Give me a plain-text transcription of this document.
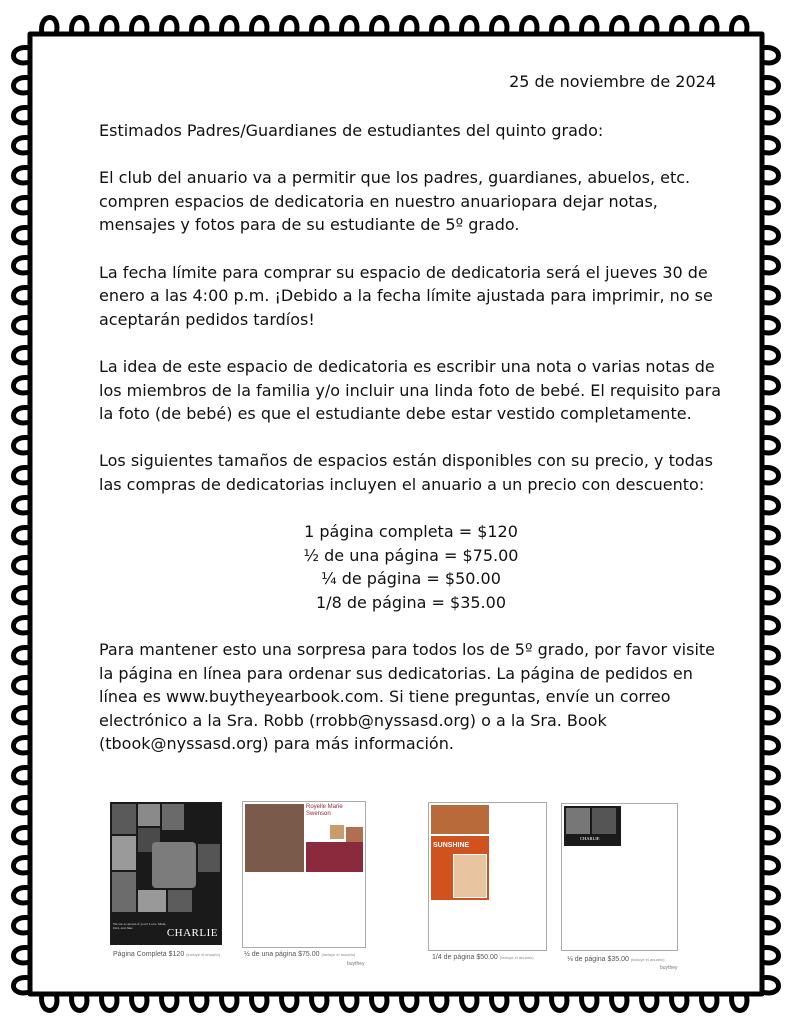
25 de noviembre de 2024

Estimados Padres/Guardianes de estudiantes del quinto grado:

El club del anuario va a permitir que los padres, guardianes, abuelos, etc. compren espacios de dedicatoria en nuestro anuariopara dejar notas, mensajes y fotos para de su estudiante de 5º grado.

La fecha límite para comprar su espacio de dedicatoria será el jueves 30 de enero a las 4:00 p.m. ¡Debido a la fecha límite ajustada para imprimir, no se aceptarán pedidos tardíos!

La idea de este espacio de dedicatoria es escribir una nota o varias notas de los miembros de la familia y/o incluir una linda foto de bebé. El requisito para la foto (de bebé) es que el estudiante debe estar vestido completamente.

Los siguientes tamaños de espacios están disponibles con su precio, y todas las compras de dedicatorias incluyen el anuario a un precio con descuento:

1 página completa = $120
½ de una página = $75.00
¼ de página = $50.00
1/8 de página = $35.00

Para mantener esto una sorpresa para todos los de 5º grado, por favor visite la página en línea para ordenar sus dedicatorias. La página de pedidos en línea es www.buytheyearbook.com. Si tiene preguntas, envíe un correo electrónico a la Sra. Robb (rrobb@nyssasd.org) o a la Sra. Book (tbook@nyssasd.org) para más información.

We are so proud of you!! Love, Mom, Dad, and Jake	CHARLIE
Página Completa $120 (incluye el anuario)
Royelle Marie Swenson
½ de una página $75.00 (incluye el anuario)
buythey
SUNSHINE
1/4 de página $50.00 (incluye el anuario)
CHARLIE
⅛ de página $35.00 (incluye el anuario)
buythey
